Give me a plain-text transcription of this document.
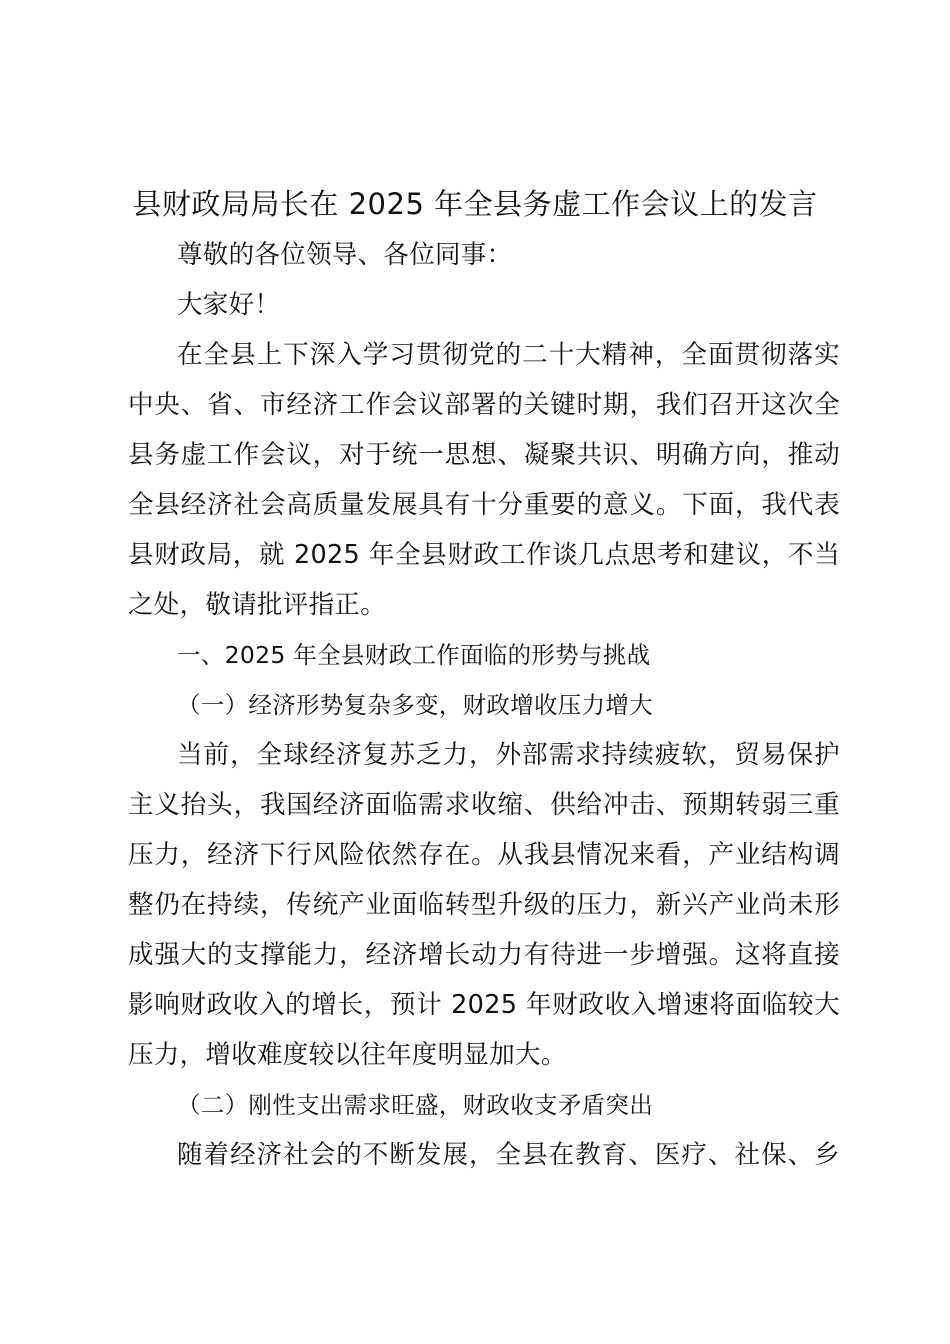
县财政局局长在 2025 年全县务虚工作会议上的发言
尊敬的各位领导、各位同事：
大家好！
在全县上下深入学习贯彻党的二十大精神，全面贯彻落实
中央、省、市经济工作会议部署的关键时期，我们召开这次全
县务虚工作会议，对于统一思想、凝聚共识、明确方向，推动
全县经济社会高质量发展具有十分重要的意义。下面，我代表
县财政局，就 2025 年全县财政工作谈几点思考和建议，不当
之处，敬请批评指正。
一、2025 年全县财政工作面临的形势与挑战
（一）经济形势复杂多变，财政增收压力增大
当前，全球经济复苏乏力，外部需求持续疲软，贸易保护
主义抬头，我国经济面临需求收缩、供给冲击、预期转弱三重
压力，经济下行风险依然存在。从我县情况来看，产业结构调
整仍在持续，传统产业面临转型升级的压力，新兴产业尚未形
成强大的支撑能力，经济增长动力有待进一步增强。这将直接
影响财政收入的增长，预计 2025 年财政收入增速将面临较大
压力，增收难度较以往年度明显加大。
（二）刚性支出需求旺盛，财政收支矛盾突出
随着经济社会的不断发展，全县在教育、医疗、社保、乡
